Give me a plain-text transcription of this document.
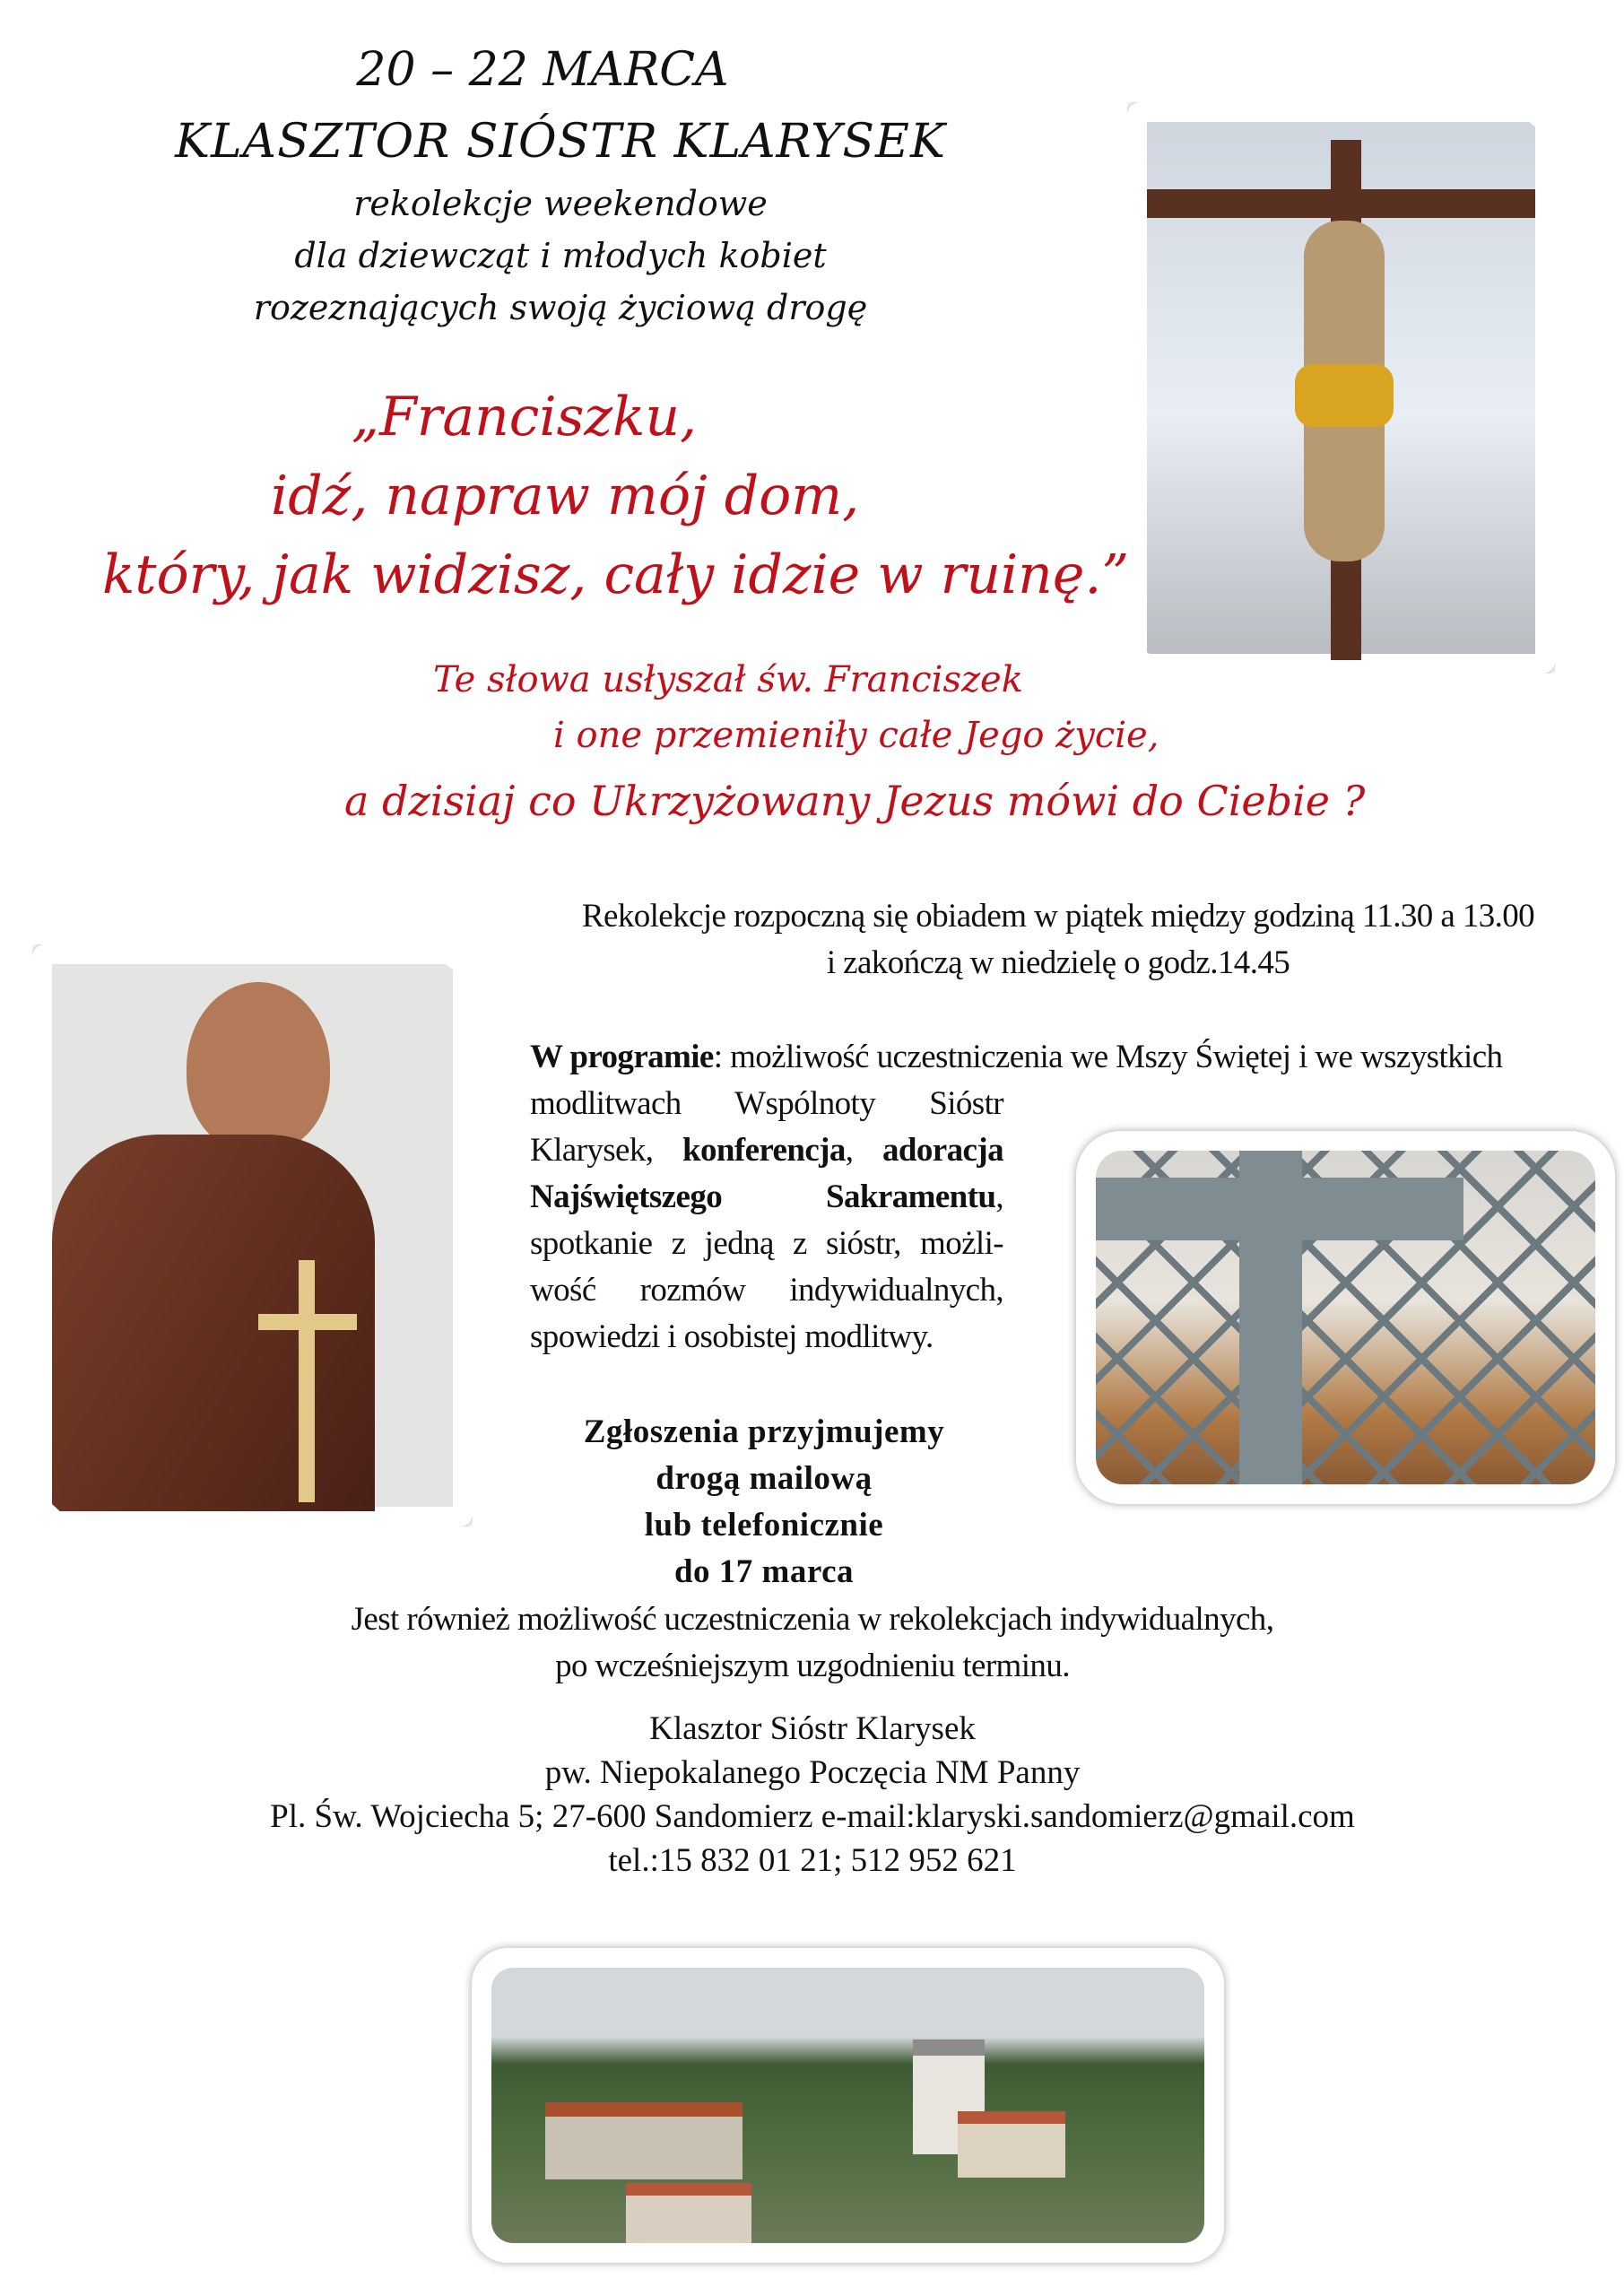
20 – 22 MARCA
KLASZTOR SIÓSTR KLARYSEK
rekolekcje weekendowe
dla dziewcząt i młodych kobiet
rozeznających swoją życiową drogę
„Franciszku,
idź, napraw mój dom,
który, jak widzisz, cały idzie w ruinę.”
Te słowa usłyszał św. Franciszek
i one przemieniły całe Jego życie,
a dzisiaj co Ukrzyżowany Jezus mówi do Ciebie ?
Rekolekcje rozpoczną się obiadem w piątek między godziną 11.30 a 13.00
i zakończą w niedzielę o godz.14.45
W programie: możliwość uczestniczenia we Mszy Świętej i we wszystkich
modlitwach Wspólnoty Sióstr
Klarysek, konferencja, adoracja
Najświętszego Sakramentu,
spotkanie z jedną z sióstr, możli-
wość rozmów indywidualnych,
spowiedzi i osobistej modlitwy.
Zgłoszenia przyjmujemy
drogą mailową
lub telefonicznie
do 17 marca
Jest również możliwość uczestniczenia w rekolekcjach indywidualnych,
po wcześniejszym uzgodnieniu terminu.
Klasztor Sióstr Klarysek
pw. Niepokalanego Poczęcia NM Panny
Pl. Św. Wojciecha 5; 27-600 Sandomierz e-mail:klaryski.sandomierz@gmail.com
tel.:15 832 01 21; 512 952 621
